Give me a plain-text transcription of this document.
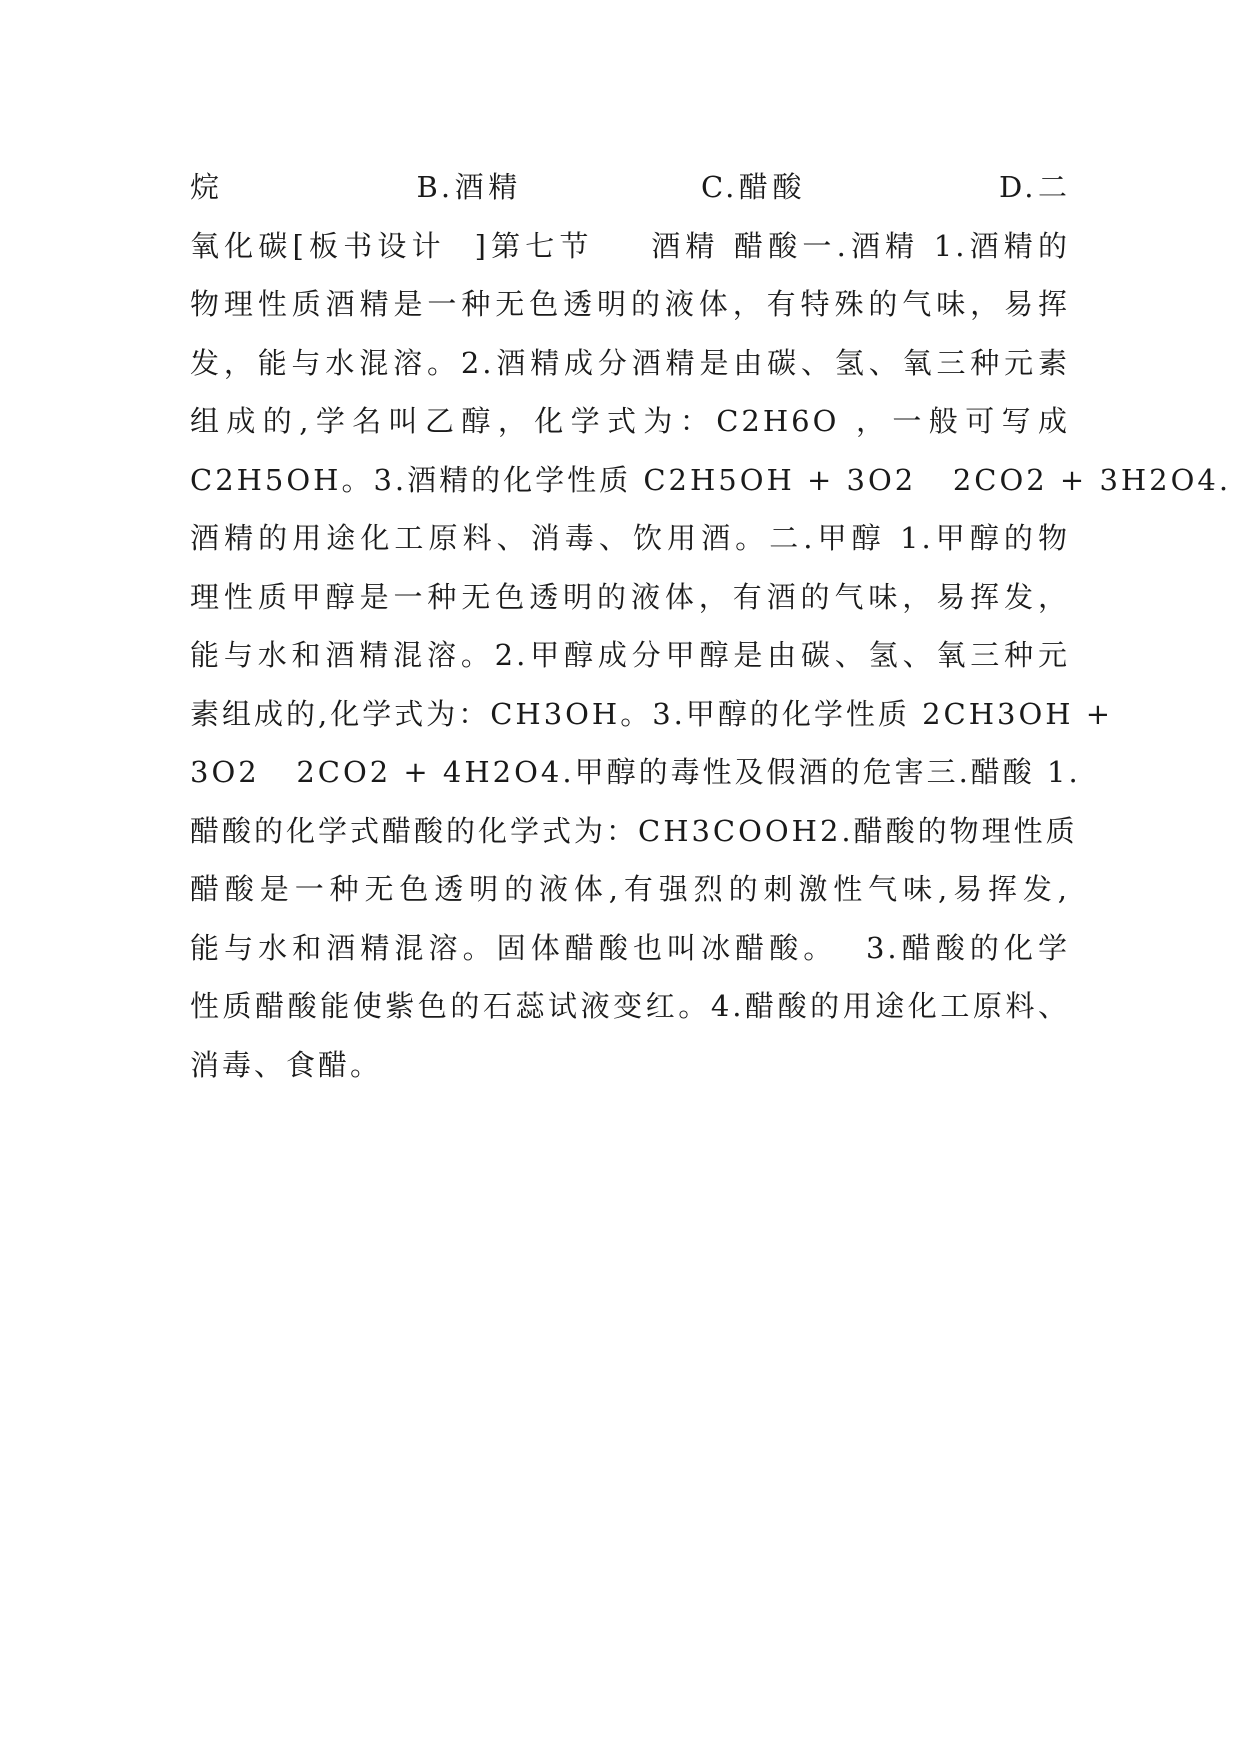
烷              B.酒精             C.醋酸              D.二
氧化碳[板书设计  ]第七节    酒精 醋酸一.酒精 1.酒精的
物理性质酒精是一种无色透明的液体，有特殊的气味，易挥
发，能与水混溶。2.酒精成分酒精是由碳、氢、氧三种元素
组成的,学名叫乙醇，化学式为：C2H6O ，一般可写成
C2H5OH。3.酒精的化学性质 C2H5OH + 3O2   2CO2 + 3H2O4.
酒精的用途化工原料、消毒、饮用酒。二.甲醇 1.甲醇的物
理性质甲醇是一种无色透明的液体，有酒的气味，易挥发，
能与水和酒精混溶。2.甲醇成分甲醇是由碳、氢、氧三种元
素组成的,化学式为：CH3OH。3.甲醇的化学性质 2CH3OH +
3O2   2CO2 + 4H2O4.甲醇的毒性及假酒的危害三.醋酸 1.
醋酸的化学式醋酸的化学式为：CH3COOH2.醋酸的物理性质
醋酸是一种无色透明的液体,有强烈的刺激性气味,易挥发,
能与水和酒精混溶。固体醋酸也叫冰醋酸。  3.醋酸的化学
性质醋酸能使紫色的石蕊试液变红。4.醋酸的用途化工原料、
消毒、食醋。
